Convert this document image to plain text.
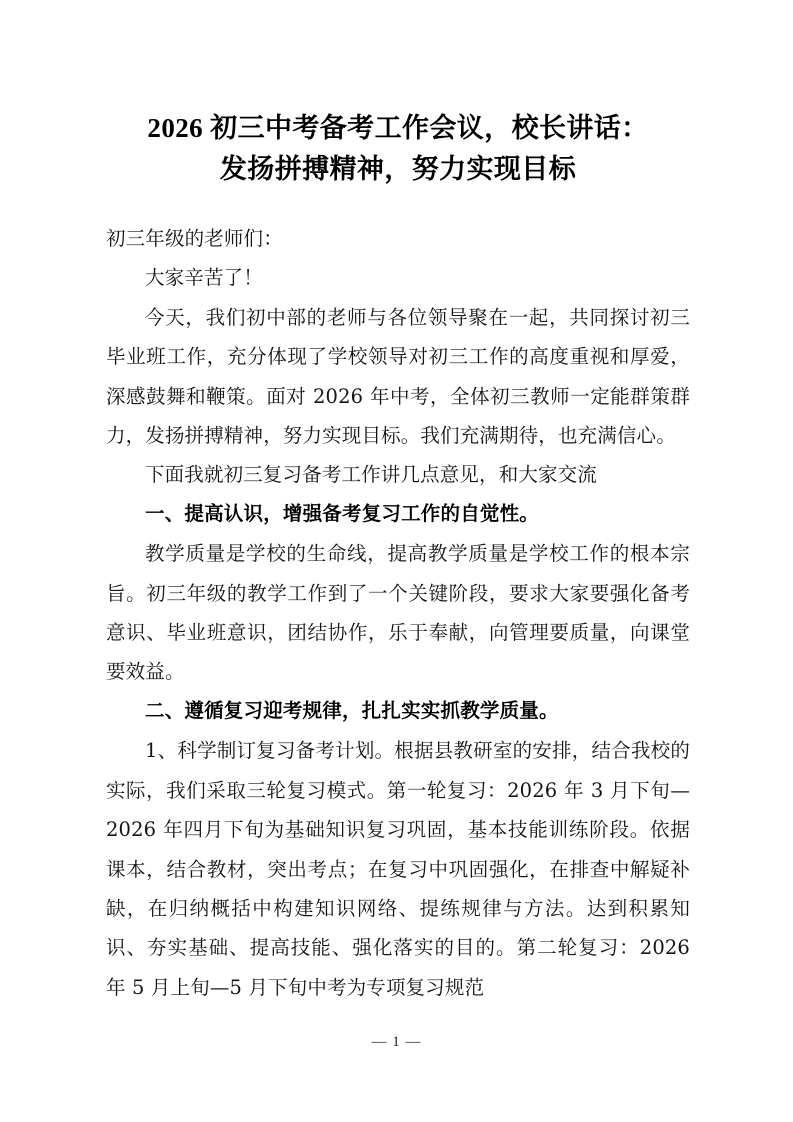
2026 初三中考备考工作会议，校长讲话：
发扬拼搏精神，努力实现目标

初三年级的老师们：

大家辛苦了！

今天，我们初中部的老师与各位领导聚在一起，共同探讨初三毕业班工作，充分体现了学校领导对初三工作的高度重视和厚爱，深感鼓舞和鞭策。面对 2026 年中考，全体初三教师一定能群策群力，发扬拼搏精神，努力实现目标。我们充满期待，也充满信心。

下面我就初三复习备考工作讲几点意见，和大家交流

一、提高认识，增强备考复习工作的自觉性。

教学质量是学校的生命线，提高教学质量是学校工作的根本宗旨。初三年级的教学工作到了一个关键阶段，要求大家要强化备考意识、毕业班意识，团结协作，乐于奉献，向管理要质量，向课堂要效益。

二、遵循复习迎考规律，扎扎实实抓教学质量。

1、科学制订复习备考计划。根据县教研室的安排，结合我校的实际，我们采取三轮复习模式。第一轮复习：2026 年 3 月下旬—2026 年四月下旬为基础知识复习巩固，基本技能训练阶段。依据课本，结合教材，突出考点；在复习中巩固强化，在排查中解疑补缺，在归纳概括中构建知识网络、提练规律与方法。达到积累知识、夯实基础、提高技能、强化落实的目的。第二轮复习：2026 年 5 月上旬—5 月下旬中考为专项复习规范

— 1 —
